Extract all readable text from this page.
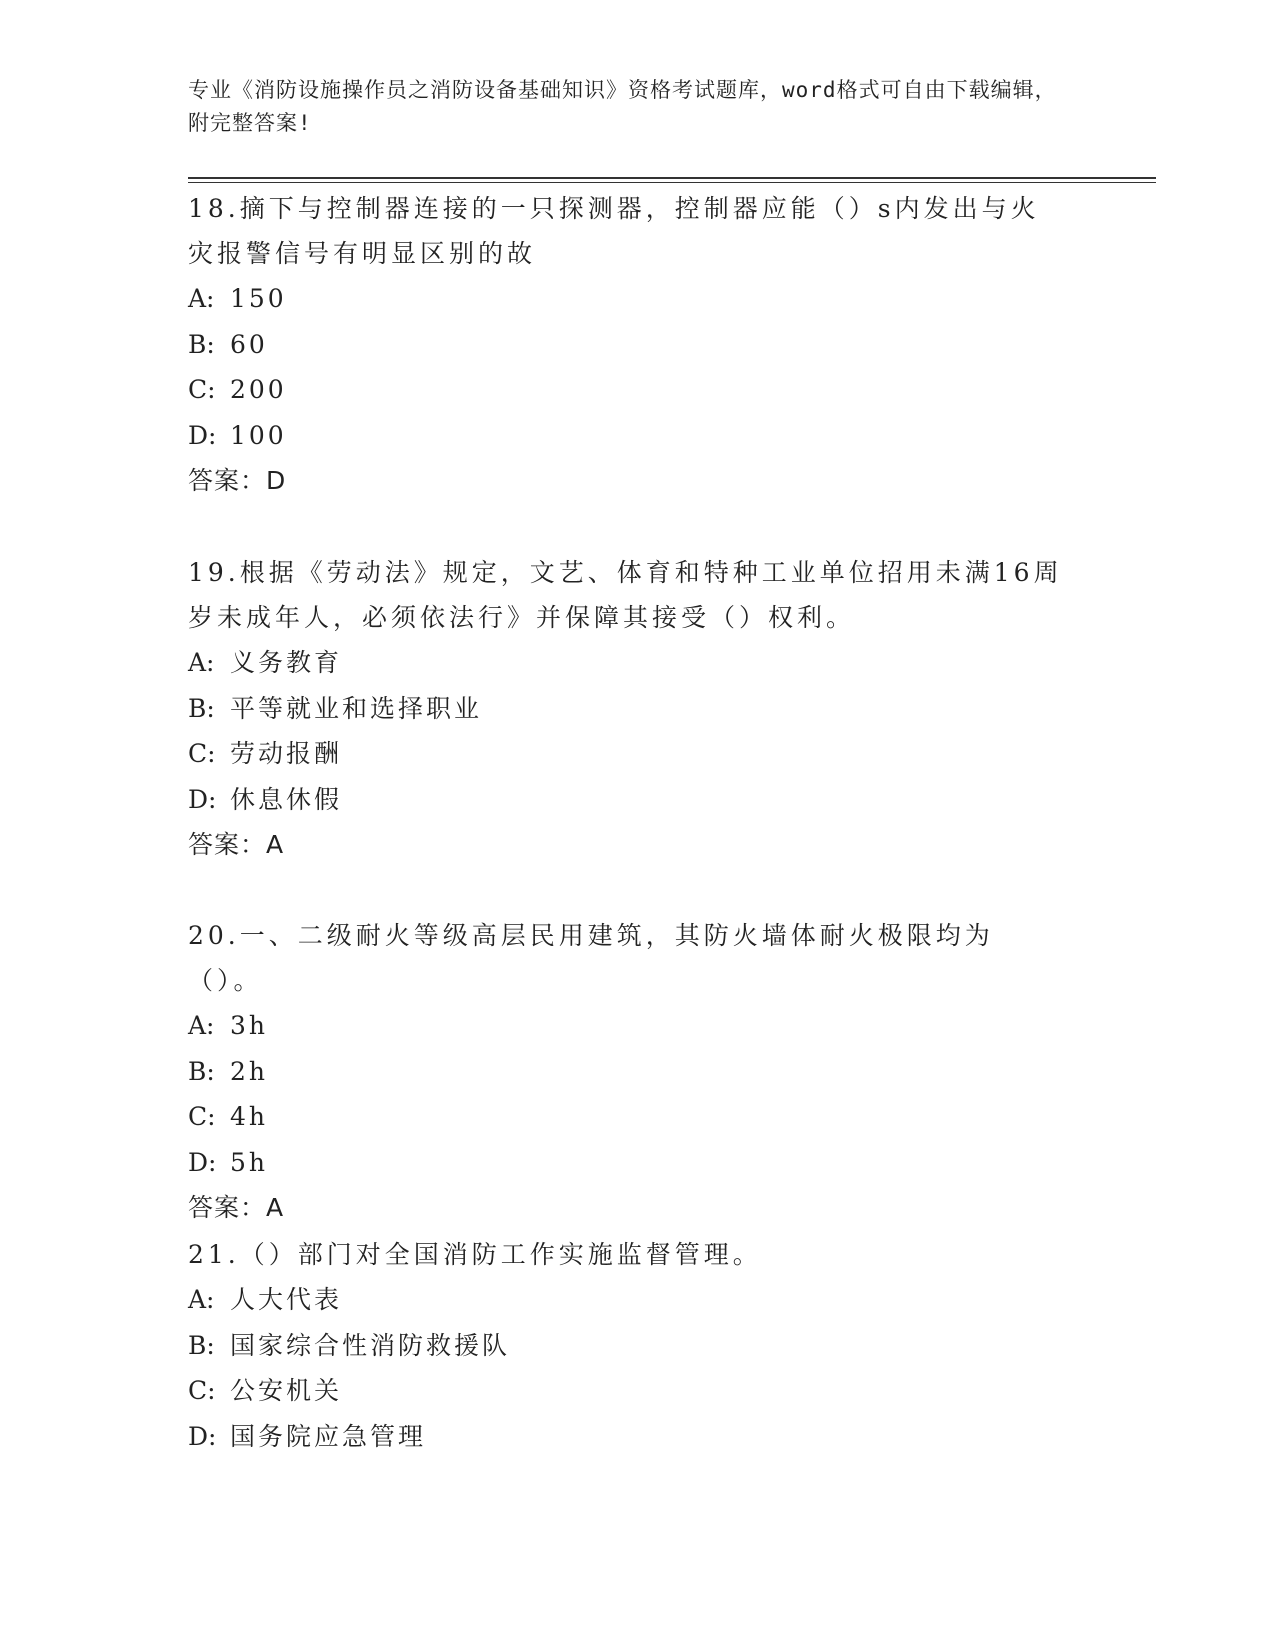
专业《消防设施操作员之消防设备基础知识》资格考试题库，word格式可自由下载编辑，附完整答案!

18.摘下与控制器连接的一只探测器，控制器应能（）s内发出与火灾报警信号有明显区别的故

A: 150

B: 60

C: 200

D: 100

答案：D

19.根据《劳动法》规定，文艺、体育和特种工业单位招用未满16周岁未成年人，必须依法行》并保障其接受（）权利。

A: 义务教育

B: 平等就业和选择职业

C: 劳动报酬

D: 休息休假

答案：A

20.一、二级耐火等级高层民用建筑，其防火墙体耐火极限均为（）。

A: 3h

B: 2h

C: 4h

D: 5h

答案：A

21.（）部门对全国消防工作实施监督管理。

A: 人大代表

B: 国家综合性消防救援队

C: 公安机关

D: 国务院应急管理
